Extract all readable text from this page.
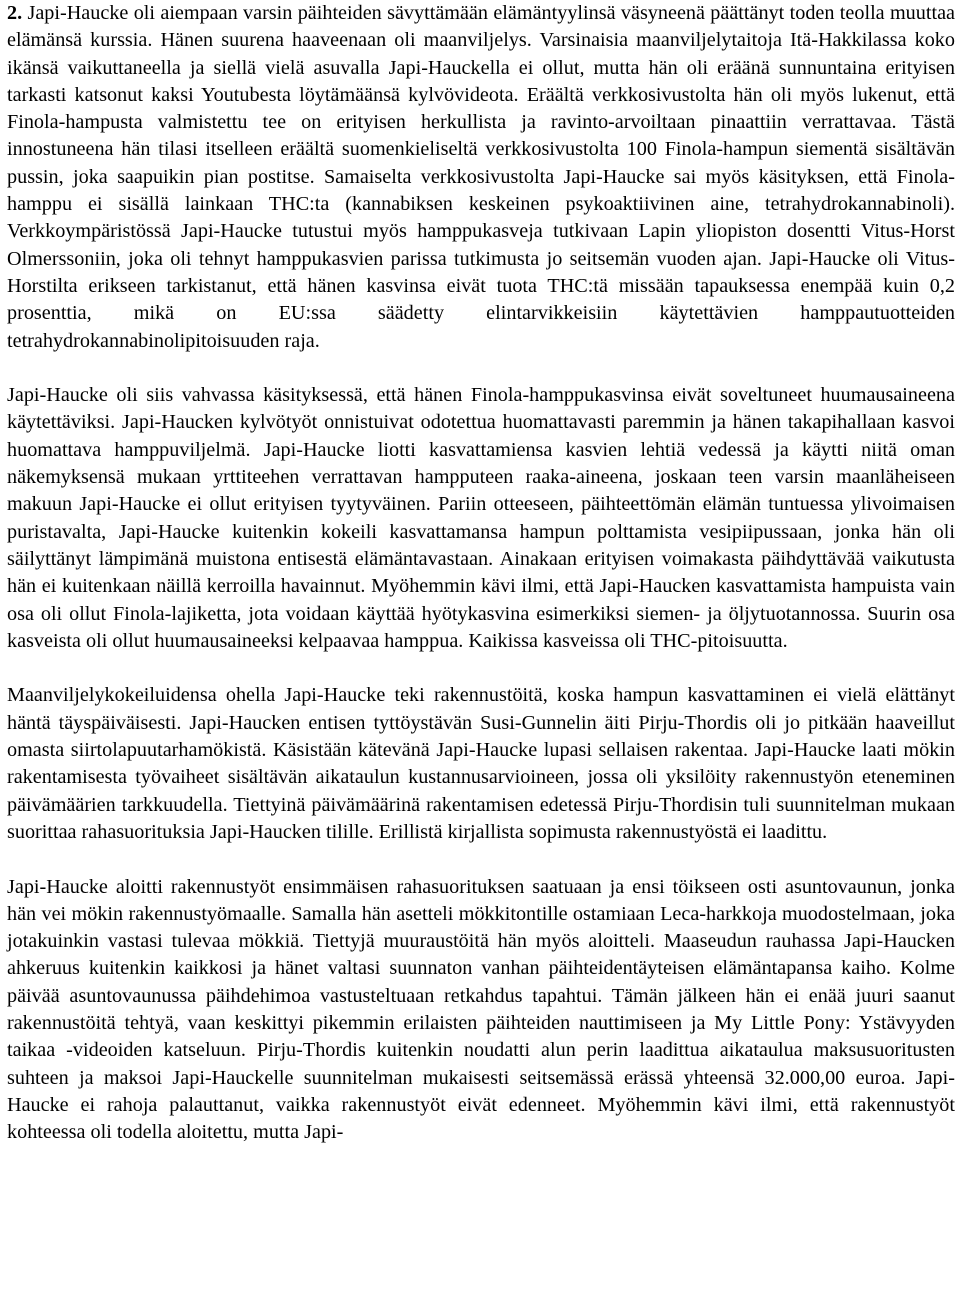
2. Japi-Haucke oli aiempaan varsin päihteiden sävyttämään elämäntyylinsä väsyneenä päättänyt toden teolla muuttaa elämänsä kurssia. Hänen suurena haaveenaan oli maanviljelys. Varsinaisia maanviljelytaitoja Itä-Hakkilassa koko ikänsä vaikuttaneella ja siellä vielä asuvalla Japi-Hauckella ei ollut, mutta hän oli eräänä sunnuntaina erityisen tarkasti katsonut kaksi Youtubesta löytämäänsä kylvövideota. Eräältä verkkosivustolta hän oli myös lukenut, että Finola-hampusta valmistettu tee on erityisen herkullista ja ravinto-arvoiltaan pinaattiin verrattavaa. Tästä innostuneena hän tilasi itselleen eräältä suomenkieliseltä verkkosivustolta 100 Finola-hampun siementä sisältävän pussin, joka saapuikin pian postitse. Samaiselta verkkosivustolta Japi-Haucke sai myös käsityksen, että Finola-hamppu ei sisällä lainkaan THC:ta (kannabiksen keskeinen psykoaktiivinen aine, tetrahydrokannabinoli). Verkkoympäristössä Japi-Haucke tutustui myös hamppukasveja tutkivaan Lapin yliopiston dosentti Vitus-Horst Olmerssoniin, joka oli tehnyt hamppukasvien parissa tutkimusta jo seitsemän vuoden ajan. Japi-Haucke oli Vitus-Horstilta erikseen tarkistanut, että hänen kasvinsa eivät tuota THC:tä missään tapauksessa enempää kuin 0,2 prosenttia, mikä on EU:ssa säädetty elintarvikkeisiin käytettävien hamppautuotteiden tetrahydrokannabinolipitoisuuden raja.

Japi-Haucke oli siis vahvassa käsityksessä, että hänen Finola-hamppukasvinsa eivät soveltuneet huumausaineena käytettäviksi. Japi-Haucken kylvötyöt onnistuivat odotettua huomattavasti paremmin ja hänen takapihallaan kasvoi huomattava hamppuviljelmä. Japi-Haucke liotti kasvattamiensa kasvien lehtiä vedessä ja käytti niitä oman näkemyksensä mukaan yrttiteehen verrattavan hampputeen raaka-aineena, joskaan teen varsin maanläheiseen makuun Japi-Haucke ei ollut erityisen tyytyväinen. Pariin otteeseen, päihteettömän elämän tuntuessa ylivoimaisen puristavalta, Japi-Haucke kuitenkin kokeili kasvattamansa hampun polttamista vesipiipussaan, jonka hän oli säilyttänyt lämpimänä muistona entisestä elämäntavastaan. Ainakaan erityisen voimakasta päihdyttävää vaikutusta hän ei kuitenkaan näillä kerroilla havainnut. Myöhemmin kävi ilmi, että Japi-Haucken kasvattamista hampuista vain osa oli ollut Finola-lajiketta, jota voidaan käyttää hyötykasvina esimerkiksi siemen- ja öljytuotannossa. Suurin osa kasveista oli ollut huumausaineeksi kelpaavaa hamppua. Kaikissa kasveissa oli THC-pitoisuutta.

Maanviljelykokeiluidensa ohella Japi-Haucke teki rakennustöitä, koska hampun kasvattaminen ei vielä elättänyt häntä täyspäiväisesti. Japi-Haucken entisen tyttöystävän Susi-Gunnelin äiti Pirju-Thordis oli jo pitkään haaveillut omasta siirtolapuutarhamökistä. Käsistään kätevänä Japi-Haucke lupasi sellaisen rakentaa. Japi-Haucke laati mökin rakentamisesta työvaiheet sisältävän aikataulun kustannusarvioineen, jossa oli yksilöity rakennustyön eteneminen päivämäärien tarkkuudella. Tiettyinä päivämäärinä rakentamisen edetessä Pirju-Thordisin tuli suunnitelman mukaan suorittaa rahasuorituksia Japi-Haucken tilille. Erillistä kirjallista sopimusta rakennustyöstä ei laadittu.

Japi-Haucke aloitti rakennustyöt ensimmäisen rahasuorituksen saatuaan ja ensi töikseen osti asuntovaunun, jonka hän vei mökin rakennustyömaalle. Samalla hän asetteli mökkitontille ostamiaan Leca-harkkoja muodostelmaan, joka jotakuinkin vastasi tulevaa mökkiä. Tiettyjä muuraustöitä hän myös aloitteli. Maaseudun rauhassa Japi-Haucken ahkeruus kuitenkin kaikkosi ja hänet valtasi suunnaton vanhan päihteidentäyteisen elämäntapansa kaiho. Kolme päivää asuntovaunussa päihdehimoa vastusteltuaan retkahdus tapahtui. Tämän jälkeen hän ei enää juuri saanut rakennustöitä tehtyä, vaan keskittyi pikemmin erilaisten päihteiden nauttimiseen ja My Little Pony: Ystävyyden taikaa -videoiden katseluun. Pirju-Thordis kuitenkin noudatti alun perin laadittua aikataulua maksusuoritusten suhteen ja maksoi Japi-Hauckelle suunnitelman mukaisesti seitsemässä erässä yhteensä 32.000,00 euroa. Japi-Haucke ei rahoja palauttanut, vaikka rakennustyöt eivät edenneet. Myöhemmin kävi ilmi, että rakennustyöt kohteessa oli todella aloitettu, mutta Japi-
